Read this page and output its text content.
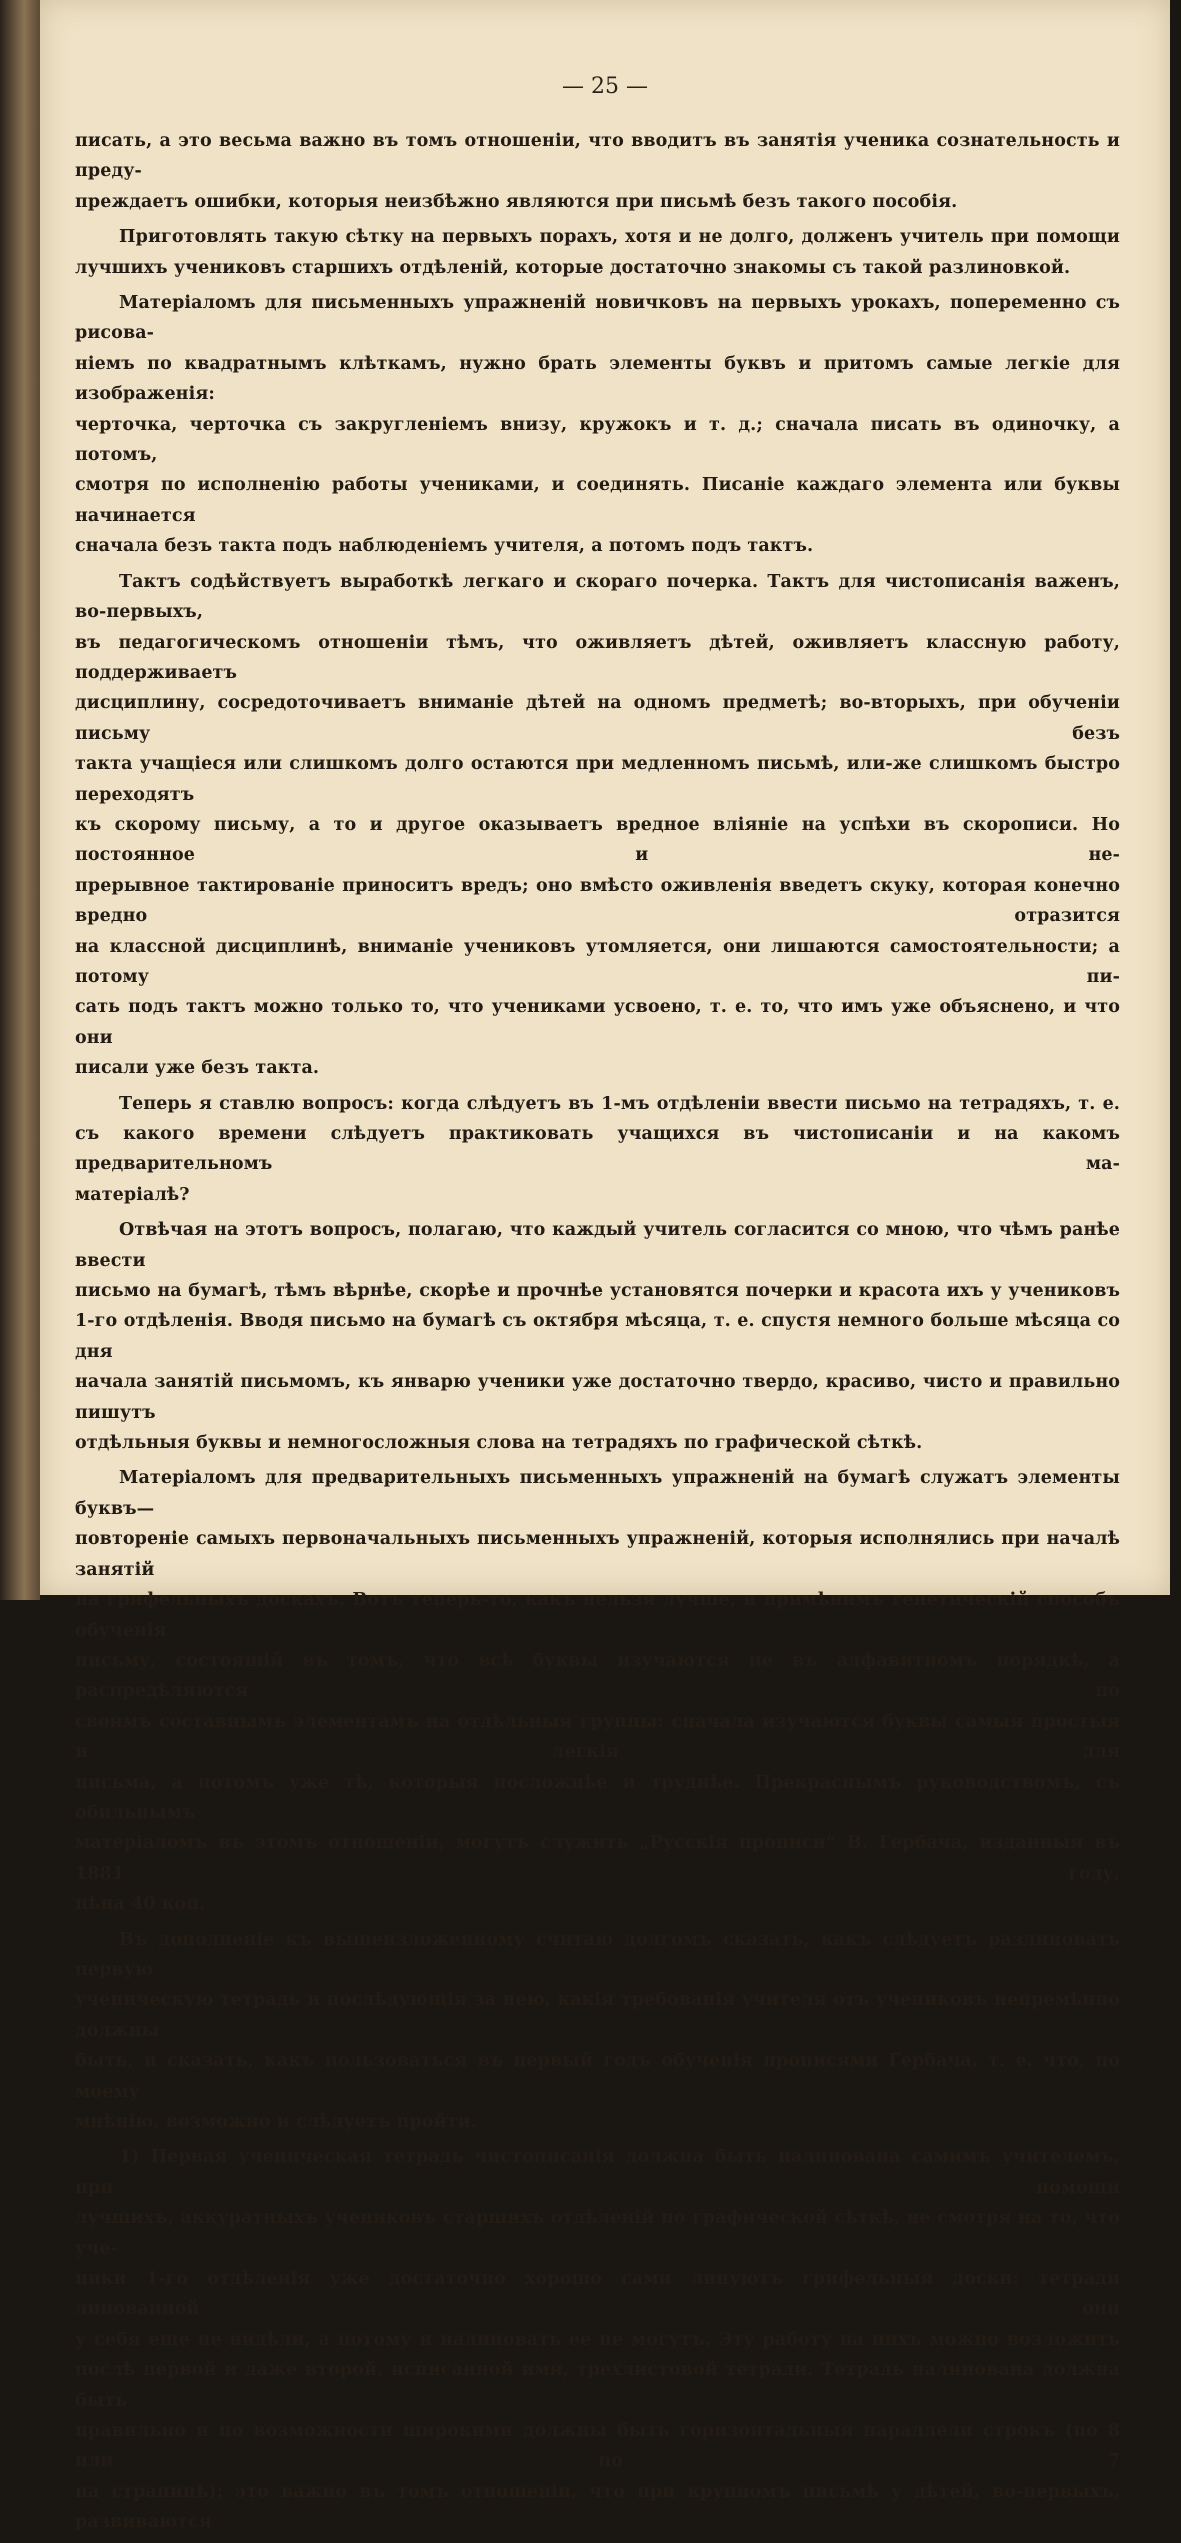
— 25 —
писать, а это весьма важно въ томъ отношеніи, что вводитъ въ занятія ученика сознательность и преду-
преждаетъ ошибки, которыя неизбѣжно являются при письмѣ безъ такого пособія.
Приготовлять такую сѣтку на первыхъ порахъ, хотя и не долго, долженъ учитель при помощи
лучшихъ учениковъ старшихъ отдѣленій, которые достаточно знакомы съ такой разлиновкой.
Матеріаломъ для письменныхъ упражненій новичковъ на первыхъ урокахъ, попеременно съ рисова-
ніемъ по квадратнымъ клѣткамъ, нужно брать элементы буквъ и притомъ самые легкіе для изображенія:
черточка, черточка съ закругленіемъ внизу, кружокъ и т. д.; сначала писать въ одиночку, а потомъ,
смотря по исполненію работы учениками, и соединять. Писаніе каждаго элемента или буквы начинается
сначала безъ такта подъ наблюденіемъ учителя, а потомъ подъ тактъ.
Тактъ содѣйствуетъ выработкѣ легкаго и скораго почерка. Тактъ для чистописанія важенъ, во-первыхъ,
въ педагогическомъ отношеніи тѣмъ, что оживляетъ дѣтей, оживляетъ классную работу, поддерживаетъ
дисциплину, сосредоточиваетъ вниманіе дѣтей на одномъ предметѣ; во-вторыхъ, при обученіи письму безъ
такта учащіеся или слишкомъ долго остаются при медленномъ письмѣ, или-же слишкомъ быстро переходятъ
къ скорому письму, а то и другое оказываетъ вредное вліяніе на успѣхи въ скорописи. Но постоянное и не-
прерывное тактированіе приноситъ вредъ; оно вмѣсто оживленія введетъ скуку, которая конечно вредно отразится
на классной дисциплинѣ, вниманіе учениковъ утомляется, они лишаются самостоятельности; а потому пи-
сать подъ тактъ можно только то, что учениками усвоено, т. е. то, что имъ уже объяснено, и что они
писали уже безъ такта.
Теперь я ставлю вопросъ: когда слѣдуетъ въ 1-мъ отдѣленіи ввести письмо на тетрадяхъ, т. е.
съ какого времени слѣдуетъ практиковать учащихся въ чистописаніи и на какомъ предварительномъ ма-
матеріалѣ?
Отвѣчая на этотъ вопросъ, полагаю, что каждый учитель согласится со мною, что чѣмъ ранѣе ввести
письмо на бумагѣ, тѣмъ вѣрнѣе, скорѣе и прочнѣе установятся почерки и красота ихъ у учениковъ
1-го отдѣленія. Вводя письмо на бумагѣ съ октября мѣсяца, т. е. спустя немного больше мѣсяца со дня
начала занятій письмомъ, къ январю ученики уже достаточно твердо, красиво, чисто и правильно пишутъ
отдѣльныя буквы и немногосложныя слова на тетрадяхъ по графической сѣткѣ.
Матеріаломъ для предварительныхъ письменныхъ упражненій на бумагѣ служатъ элементы буквъ—
повтореніе самыхъ первоначальныхъ письменныхъ упражненій, которыя исполнялись при началѣ занятій
на грифельныхъ доскахъ. Вотъ теперь-то, какъ нельзя лучше, и примѣнимъ генетическій способъ обученія
письму, состоящій въ томъ, что всѣ буквы изучаются не въ алфавитномъ порядкѣ, а распредѣляются по
своимъ составнымъ элементамъ на отдѣльныя группы: сначала изучаются буквы самыя простыя и легкія для
письма, а потомъ уже тѣ, которыя посложнѣе и труднѣе. Прекраснымъ руководствомъ, съ обильнымъ
матеріаломъ въ этомъ отношеніи, могутъ служить „Русскія прописи“ В. Гербача, изданныя въ 1881 году,
цѣна 40 коп.
Въ дополненіе къ вышеизложенному считаю долгомъ сказать, какъ слѣдуетъ разлиновать первую
ученическую тетрадь и послѣдующія за нею, какія требованія учителя отъ учениковъ непремѣнно должны
быть, и сказать, какъ пользоваться въ первый годъ обученія прописями Гербача, т. е. что, по моему
мнѣнію, возможно и слѣдуетъ пройти.
1) Первая ученическая тетрадь чистописанія должна быть налинована самимъ учителемъ, при помощи
лучшихъ, аккуратныхъ учениковъ старшихъ отдѣленій по графической сѣткѣ, не смотря на то, что уче-
ники 1-го отдѣленія уже достаточно хорошо сами линуютъ грифельныя доски: тетради линованной они
у себя еще не видѣли, а потому и налиновать ее не могутъ. Эту работу на нихъ можно возложить
послѣ первой и даже второй, исписанной ими, трехлистовой тетради. Тетрадь налинована должна быть
правильно и по возможности широкими должны быть горизонтальныя параллели строкъ (по 8 или по 7
на страницѣ); это важно въ томъ отношеніи, что при крупномъ письмѣ у дѣтей, во-первыхъ, развиваются
